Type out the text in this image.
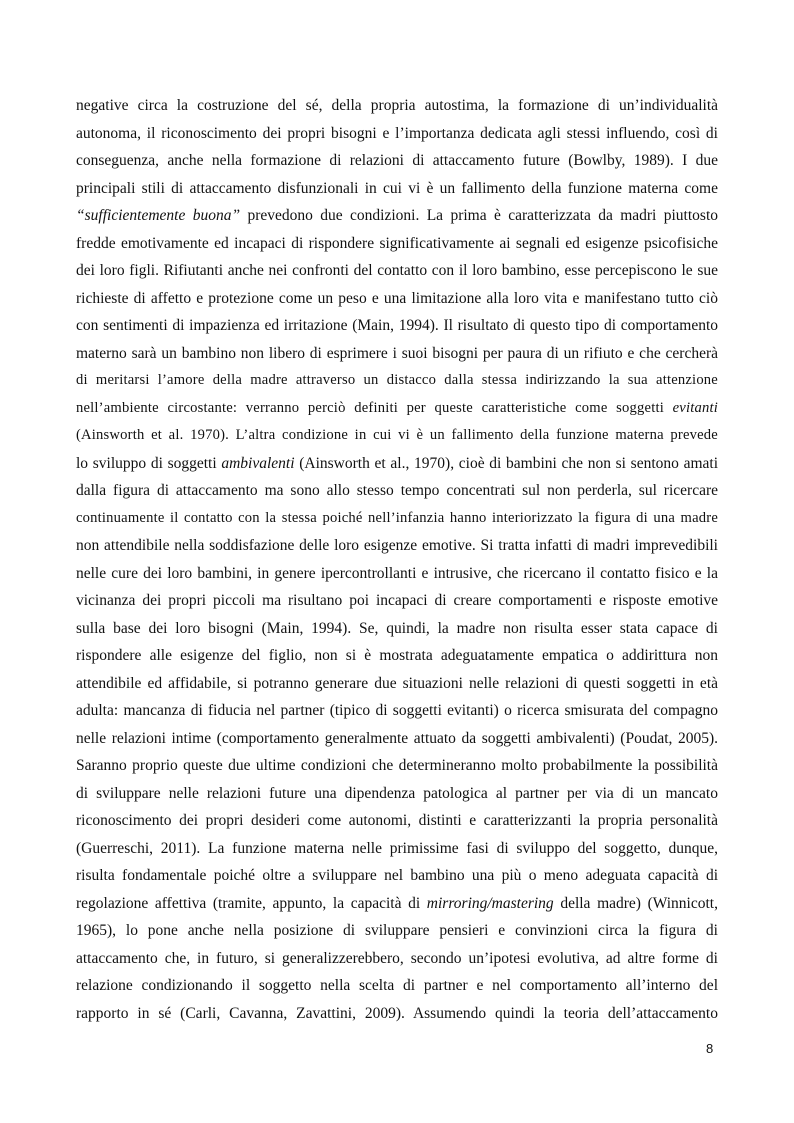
negative circa la costruzione del sé, della propria autostima, la formazione di un’individualità
autonoma, il riconoscimento dei propri bisogni e l’importanza dedicata agli stessi influendo, così di
conseguenza, anche nella formazione di relazioni di attaccamento future (Bowlby, 1989). I due
principali stili di attaccamento disfunzionali in cui vi è un fallimento della funzione materna come
“sufficientemente buona” prevedono due condizioni. La prima è caratterizzata da madri piuttosto
fredde emotivamente ed incapaci di rispondere significativamente ai segnali ed esigenze psicofisiche
dei loro figli. Rifiutanti anche nei confronti del contatto con il loro bambino, esse percepiscono le sue
richieste di affetto e protezione come un peso e una limitazione alla loro vita e manifestano tutto ciò
con sentimenti di impazienza ed irritazione (Main, 1994). Il risultato di questo tipo di comportamento
materno sarà un bambino non libero di esprimere i suoi bisogni per paura di un rifiuto e che cercherà
di meritarsi l’amore della madre attraverso un distacco dalla stessa indirizzando la sua attenzione
nell’ambiente circostante: verranno perciò definiti per queste caratteristiche come soggetti evitanti
(Ainsworth et al. 1970). L’altra condizione in cui vi è un fallimento della funzione materna prevede
lo sviluppo di soggetti ambivalenti (Ainsworth et al., 1970), cioè di bambini che non si sentono amati
dalla figura di attaccamento ma sono allo stesso tempo concentrati sul non perderla, sul ricercare
continuamente il contatto con la stessa poiché nell’infanzia hanno interiorizzato la figura di una madre
non attendibile nella soddisfazione delle loro esigenze emotive. Si tratta infatti di madri imprevedibili
nelle cure dei loro bambini, in genere ipercontrollanti e intrusive, che ricercano il contatto fisico e la
vicinanza dei propri piccoli ma risultano poi incapaci di creare comportamenti e risposte emotive
sulla base dei loro bisogni (Main, 1994). Se, quindi, la madre non risulta esser stata capace di
rispondere alle esigenze del figlio, non si è mostrata adeguatamente empatica o addirittura non
attendibile ed affidabile, si potranno generare due situazioni nelle relazioni di questi soggetti in età
adulta: mancanza di fiducia nel partner (tipico di soggetti evitanti) o ricerca smisurata del compagno
nelle relazioni intime (comportamento generalmente attuato da soggetti ambivalenti) (Poudat, 2005).
Saranno proprio queste due ultime condizioni che determineranno molto probabilmente la possibilità
di sviluppare nelle relazioni future una dipendenza patologica al partner per via di un mancato
riconoscimento dei propri desideri come autonomi, distinti e caratterizzanti la propria personalità
(Guerreschi, 2011). La funzione materna nelle primissime fasi di sviluppo del soggetto, dunque,
risulta fondamentale poiché oltre a sviluppare nel bambino una più o meno adeguata capacità di
regolazione affettiva (tramite, appunto, la capacità di mirroring/mastering della madre) (Winnicott,
1965), lo pone anche nella posizione di sviluppare pensieri e convinzioni circa la figura di
attaccamento che, in futuro, si generalizzerebbero, secondo un’ipotesi evolutiva, ad altre forme di
relazione condizionando il soggetto nella scelta di partner e nel comportamento all’interno del
rapporto in sé (Carli, Cavanna, Zavattini, 2009). Assumendo quindi la teoria dell’attaccamento
8
